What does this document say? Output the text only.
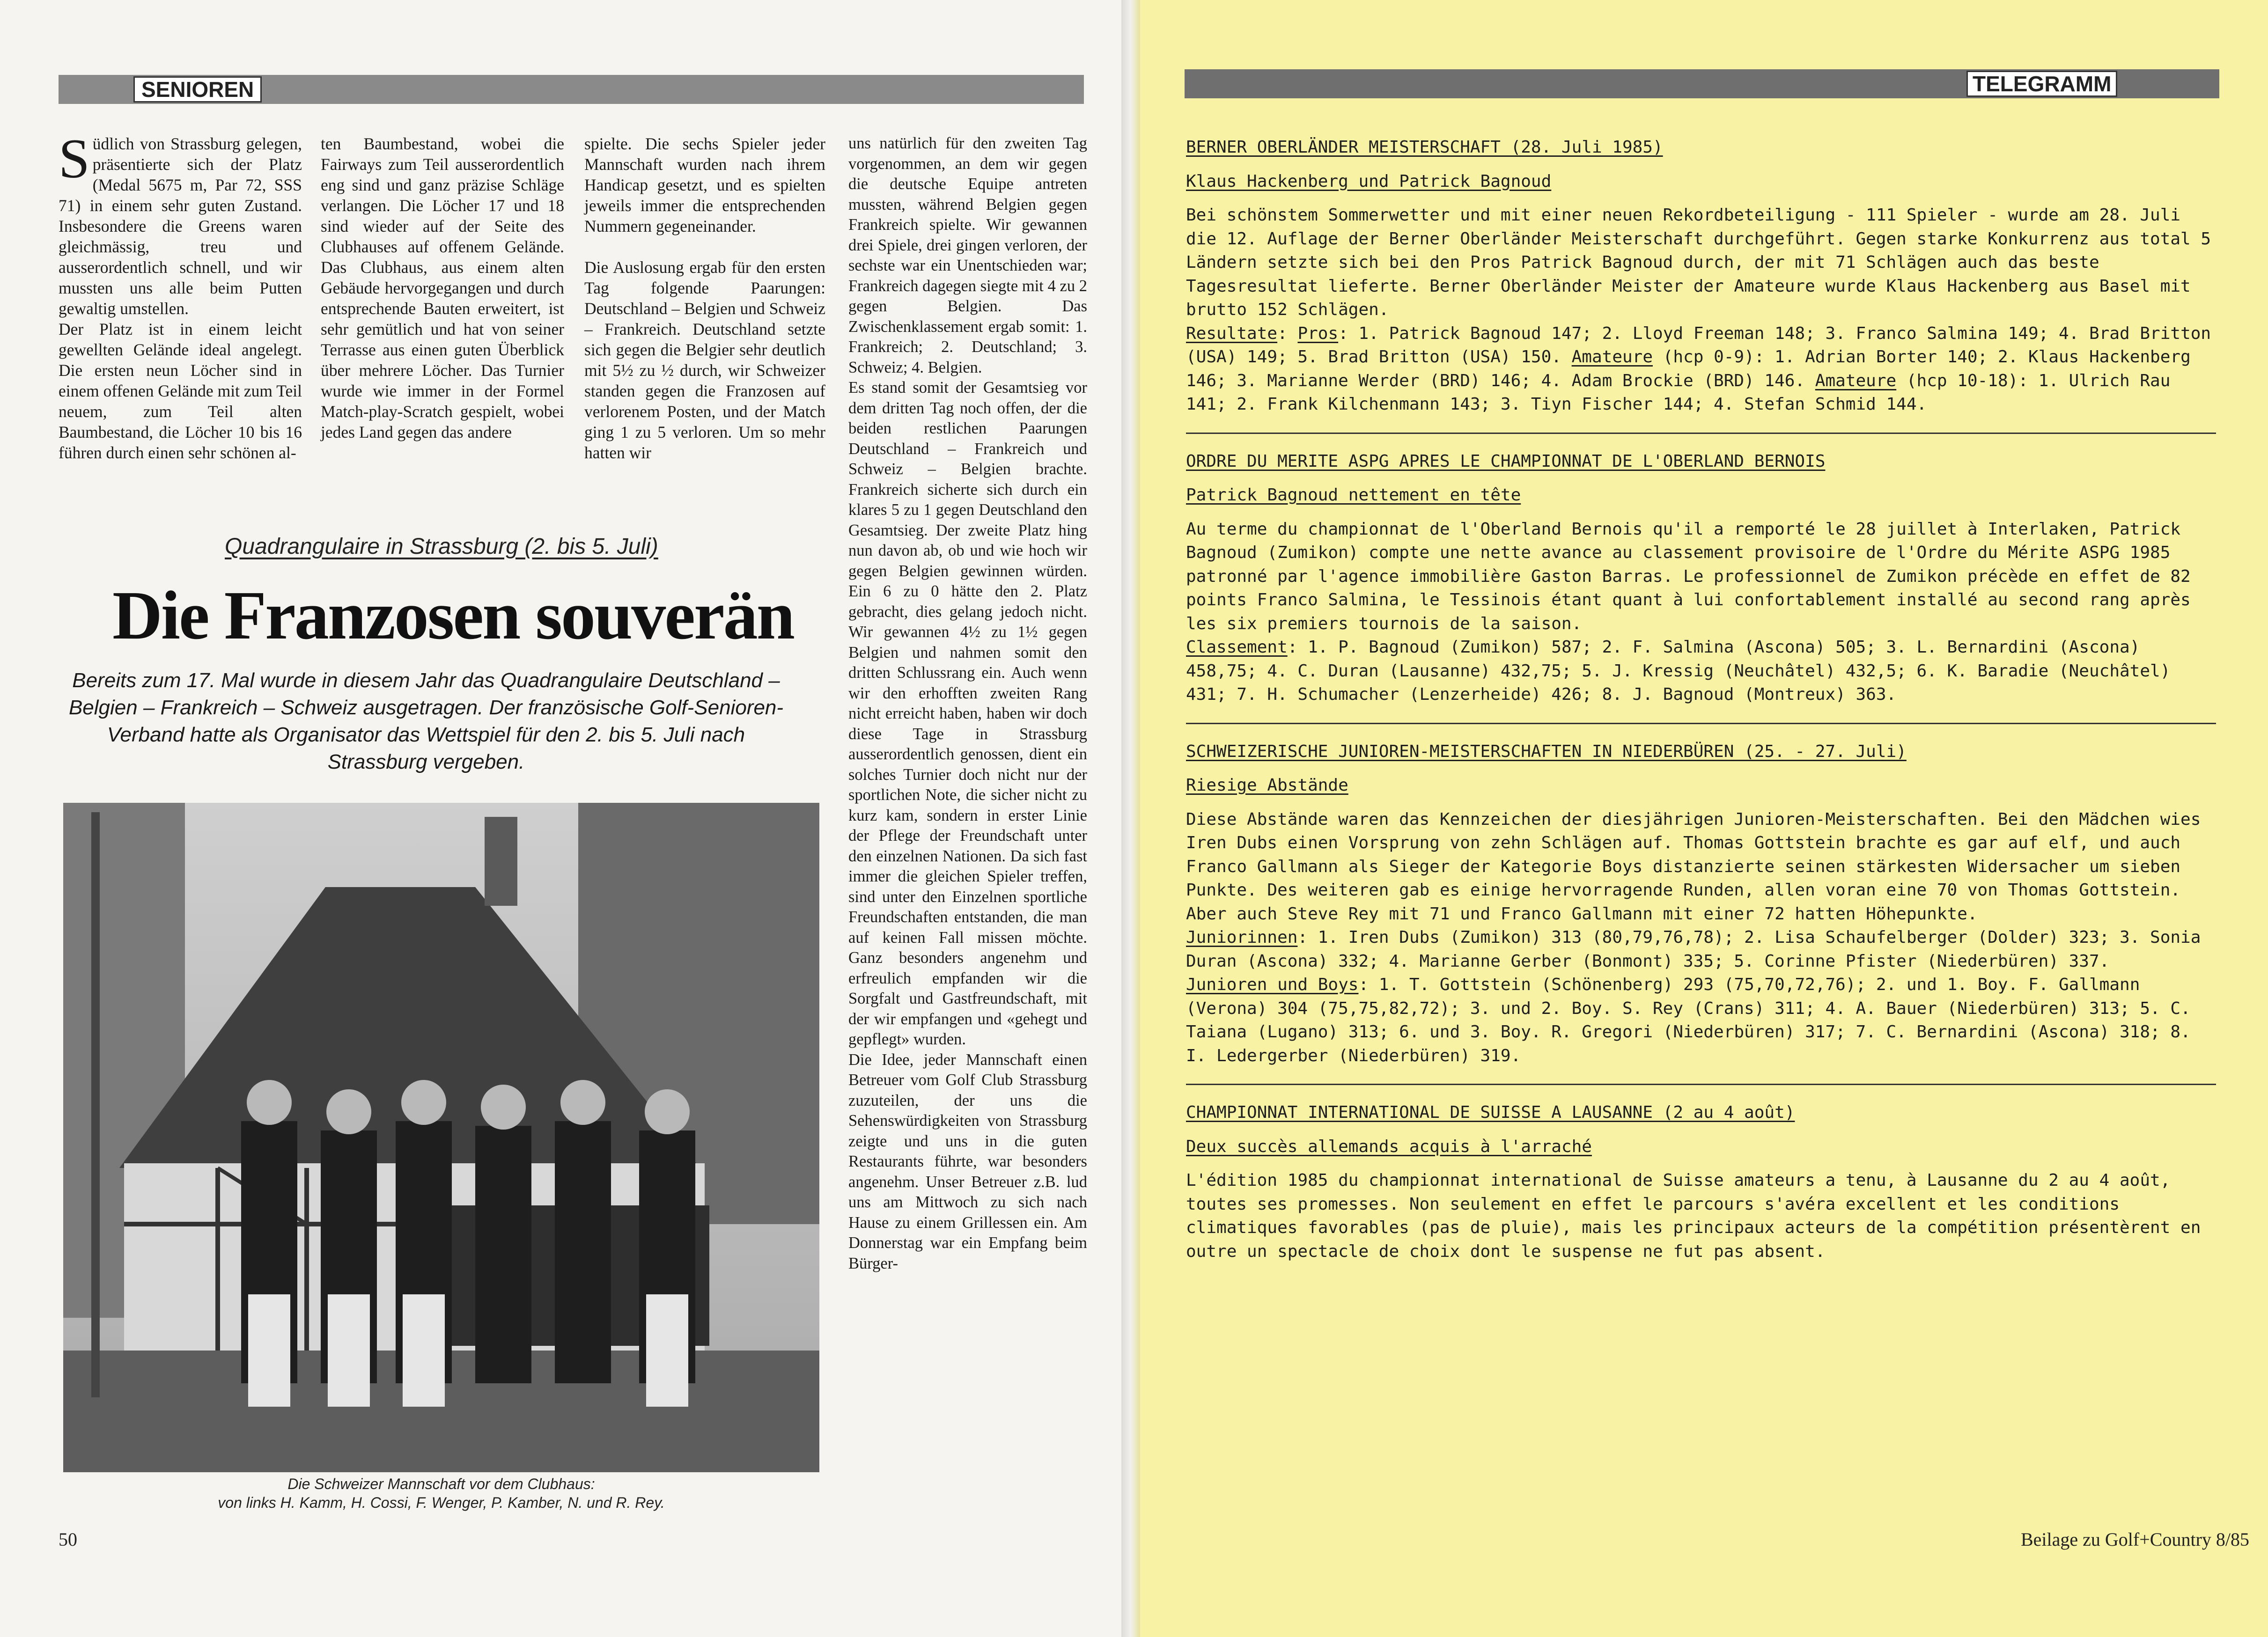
SENIOREN
S üdlich von Strassburg gelegen, präsentierte sich der Platz (Medal 5675 m, Par 72, SSS 71) in einem sehr guten Zustand. Insbesondere die Greens waren gleichmässig, treu und ausserordentlich schnell, und wir mussten uns alle beim Putten gewaltig umstellen.

Der Platz ist in einem leicht gewellten Gelände ideal angelegt. Die ersten neun Löcher sind in einem offenen Gelände mit zum Teil neuem, zum Teil alten Baumbestand, die Löcher 10 bis 16 führen durch einen sehr schönen al-

ten Baumbestand, wobei die Fairways zum Teil ausserordentlich eng sind und ganz präzise Schläge verlangen. Die Löcher 17 und 18 sind wieder auf der Seite des Clubhauses auf offenem Gelände. Das Clubhaus, aus einem alten Gebäude hervorgegangen und durch entsprechende Bauten erweitert, ist sehr gemütlich und hat von seiner Terrasse aus einen guten Überblick über mehrere Löcher. Das Turnier wurde wie immer in der Formel Match-play-Scratch gespielt, wobei jedes Land gegen das andere

spielte. Die sechs Spieler jeder Mannschaft wurden nach ihrem Handicap gesetzt, und es spielten jeweils immer die entsprechenden Nummern gegeneinander.

Die Auslosung ergab für den ersten Tag folgende Paarungen: Deutschland – Belgien und Schweiz – Frankreich. Deutschland setzte sich gegen die Belgier sehr deutlich mit 5½ zu ½ durch, wir Schweizer standen gegen die Franzosen auf verlorenem Posten, und der Match ging 1 zu 5 verloren. Um so mehr hatten wir

uns natürlich für den zweiten Tag vorgenommen, an dem wir gegen die deutsche Equipe antreten mussten, während Belgien gegen Frankreich spielte. Wir gewannen drei Spiele, drei gingen verloren, der sechste war ein Unentschieden war; Frankreich dagegen siegte mit 4 zu 2 gegen Belgien. Das Zwischenklassement ergab somit: 1. Frankreich; 2. Deutschland; 3. Schweiz; 4. Belgien.

Es stand somit der Gesamtsieg vor dem dritten Tag noch offen, der die beiden restlichen Paarungen Deutschland – Frankreich und Schweiz – Belgien brachte. Frankreich sicherte sich durch ein klares 5 zu 1 gegen Deutschland den Gesamtsieg. Der zweite Platz hing nun davon ab, ob und wie hoch wir gegen Belgien gewinnen würden. Ein 6 zu 0 hätte den 2. Platz gebracht, dies gelang jedoch nicht. Wir gewannen 4½ zu 1½ gegen Belgien und nahmen somit den dritten Schlussrang ein. Auch wenn wir den erhofften zweiten Rang nicht erreicht haben, haben wir doch diese Tage in Strassburg ausserordentlich genossen, dient ein solches Turnier doch nicht nur der sportlichen Note, die sicher nicht zu kurz kam, sondern in erster Linie der Pflege der Freundschaft unter den einzelnen Nationen. Da sich fast immer die gleichen Spieler treffen, sind unter den Einzelnen sportliche Freundschaften entstanden, die man auf keinen Fall missen möchte. Ganz besonders angenehm und erfreulich empfanden wir die Sorgfalt und Gastfreundschaft, mit der wir empfangen und «gehegt und gepflegt» wurden.

Die Idee, jeder Mannschaft einen Betreuer vom Golf Club Strassburg zuzuteilen, der uns die Sehenswürdigkeiten von Strassburg zeigte und uns in die guten Restaurants führte, war besonders angenehm. Unser Betreuer z.B. lud uns am Mittwoch zu sich nach Hause zu einem Grillessen ein. Am Donnerstag war ein Empfang beim Bürger-

Quadrangulaire in Strassburg (2. bis 5. Juli)
Die Franzosen souverän
Bereits zum 17. Mal wurde in diesem Jahr das Quadrangulaire Deutschland – Belgien – Frankreich – Schweiz ausgetragen. Der französische Golf-Senioren-Verband hatte als Organisator das Wettspiel für den 2. bis 5. Juli nach Strassburg vergeben.
Die Schweizer Mannschaft vor dem Clubhaus:
von links H. Kamm, H. Cossi, F. Wenger, P. Kamber, N. und R. Rey.
50
TELEGRAMM
BERNER OBERLÄNDER MEISTERSCHAFT (28. Juli 1985)
Klaus Hackenberg und Patrick Bagnoud

Bei schönstem Sommerwetter und mit einer neuen Rekordbeteiligung - 111 Spieler - wurde am 28. Juli die 12. Auflage der Berner Oberländer Meisterschaft durchgeführt. Gegen starke Konkurrenz aus total 5 Ländern setzte sich bei den Pros Patrick Bagnoud durch, der mit 71 Schlägen auch das beste Tagesresultat lieferte. Berner Oberländer Meister der Amateure wurde Klaus Hackenberg aus Basel mit brutto 152 Schlägen.

Resultate: Pros: 1. Patrick Bagnoud 147; 2. Lloyd Freeman 148; 3. Franco Salmina 149; 4. Brad Britton (USA) 149; 5. Brad Britton (USA) 150. Amateure (hcp 0-9): 1. Adrian Borter 140; 2. Klaus Hackenberg 146; 3. Marianne Werder (BRD) 146; 4. Adam Brockie (BRD) 146. Amateure (hcp 10-18): 1. Ulrich Rau 141; 2. Frank Kilchenmann 143; 3. Tiyn Fischer 144; 4. Stefan Schmid 144.

ORDRE DU MERITE ASPG APRES LE CHAMPIONNAT DE L'OBERLAND BERNOIS
Patrick Bagnoud nettement en tête

Au terme du championnat de l'Oberland Bernois qu'il a remporté le 28 juillet à Interlaken, Patrick Bagnoud (Zumikon) compte une nette avance au classement provisoire de l'Ordre du Mérite ASPG 1985 patronné par l'agence immobilière Gaston Barras. Le professionnel de Zumikon précède en effet de 82 points Franco Salmina, le Tessinois étant quant à lui confortablement installé au second rang après les six premiers tournois de la saison.

Classement: 1. P. Bagnoud (Zumikon) 587; 2. F. Salmina (Ascona) 505; 3. L. Bernardini (Ascona) 458,75; 4. C. Duran (Lausanne) 432,75; 5. J. Kressig (Neuchâtel) 432,5; 6. K. Baradie (Neuchâtel) 431; 7. H. Schumacher (Lenzerheide) 426; 8. J. Bagnoud (Montreux) 363.

SCHWEIZERISCHE JUNIOREN-MEISTERSCHAFTEN IN NIEDERBÜREN (25. - 27. Juli)
Riesige Abstände

Diese Abstände waren das Kennzeichen der diesjährigen Junioren-Meisterschaften. Bei den Mädchen wies Iren Dubs einen Vorsprung von zehn Schlägen auf. Thomas Gottstein brachte es gar auf elf, und auch Franco Gallmann als Sieger der Kategorie Boys distanzierte seinen stärkesten Widersacher um sieben Punkte. Des weiteren gab es einige hervorragende Runden, allen voran eine 70 von Thomas Gottstein. Aber auch Steve Rey mit 71 und Franco Gallmann mit einer 72 hatten Höhepunkte.

Juniorinnen: 1. Iren Dubs (Zumikon) 313 (80,79,76,78); 2. Lisa Schaufelberger (Dolder) 323; 3. Sonia Duran (Ascona) 332; 4. Marianne Gerber (Bonmont) 335; 5. Corinne Pfister (Niederbüren) 337.

Junioren und Boys: 1. T. Gottstein (Schönenberg) 293 (75,70,72,76); 2. und 1. Boy. F. Gallmann (Verona) 304 (75,75,82,72); 3. und 2. Boy. S. Rey (Crans) 311; 4. A. Bauer (Niederbüren) 313; 5. C. Taiana (Lugano) 313; 6. und 3. Boy. R. Gregori (Niederbüren) 317; 7. C. Bernardini (Ascona) 318; 8. I. Ledergerber (Niederbüren) 319.

CHAMPIONNAT INTERNATIONAL DE SUISSE A LAUSANNE (2 au 4 août)
Deux succès allemands acquis à l'arraché

L'édition 1985 du championnat international de Suisse amateurs a tenu, à Lausanne du 2 au 4 août, toutes ses promesses. Non seulement en effet le parcours s'avéra excellent et les conditions climatiques favorables (pas de pluie), mais les principaux acteurs de la compétition présentèrent en outre un spectacle de choix dont le suspense ne fut pas absent.

Beilage zu Golf+Country 8/85
